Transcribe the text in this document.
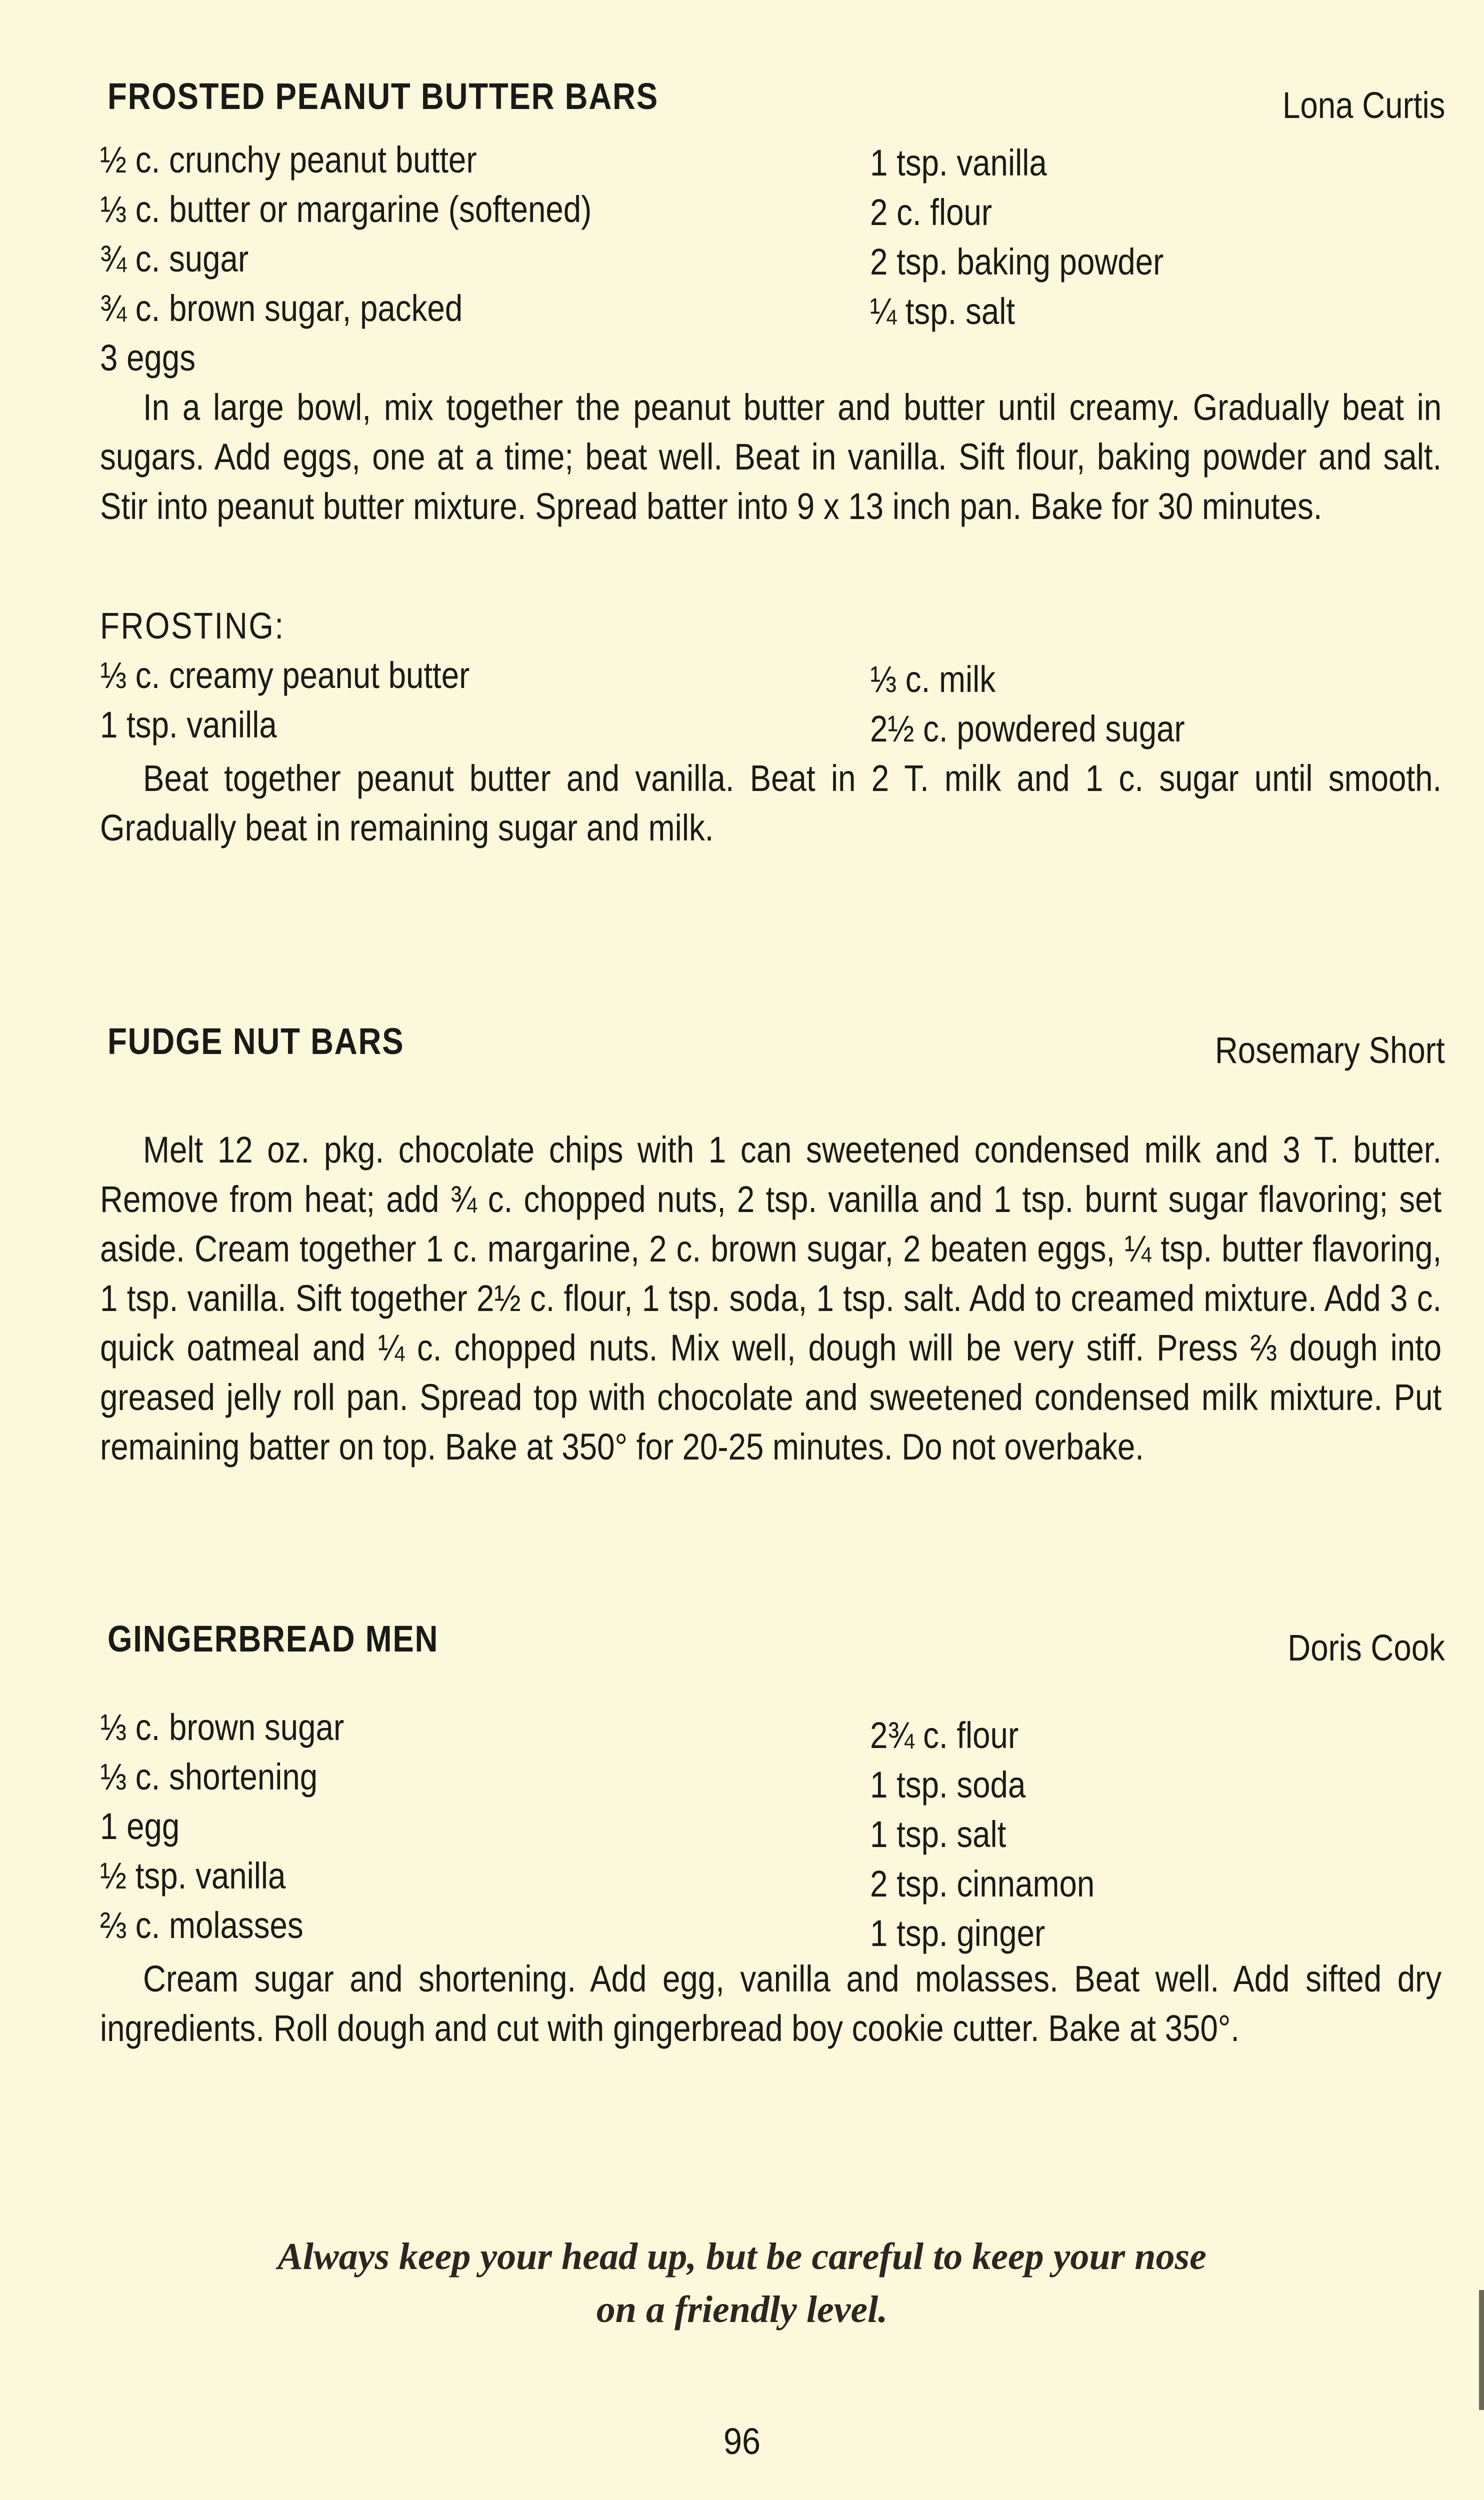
FROSTED PEANUT BUTTER BARS	Lona Curtis
½ c. crunchy peanut butter
⅓ c. butter or margarine (softened)
¾ c. sugar
¾ c. brown sugar, packed
3 eggs
1 tsp. vanilla
2 c. flour
2 tsp. baking powder
¼ tsp. salt

In a large bowl, mix together the peanut butter and butter until creamy. Gradually beat in sugars. Add eggs, one at a time; beat well. Beat in vanilla. Sift flour, baking powder and salt. Stir into peanut butter mixture. Spread batter into 9 x 13 inch pan. Bake for 30 minutes.

FROSTING:
⅓ c. creamy peanut butter
1 tsp. vanilla
⅓ c. milk
2½ c. powdered sugar

Beat together peanut butter and vanilla. Beat in 2 T. milk and 1 c. sugar until smooth. Gradually beat in remaining sugar and milk.

FUDGE NUT BARS	Rosemary Short

Melt 12 oz. pkg. chocolate chips with 1 can sweetened condensed milk and 3 T. butter. Remove from heat; add ¾ c. chopped nuts, 2 tsp. vanilla and 1 tsp. burnt sugar flavoring; set aside. Cream together 1 c. margarine, 2 c. brown sugar, 2 beaten eggs, ¼ tsp. butter flavoring, 1 tsp. vanilla. Sift together 2½ c. flour, 1 tsp. soda, 1 tsp. salt. Add to creamed mixture. Add 3 c. quick oatmeal and ¼ c. chopped nuts. Mix well, dough will be very stiff. Press ⅔ dough into greased jelly roll pan. Spread top with chocolate and sweetened condensed milk mixture. Put remaining batter on top. Bake at 350° for 20-25 minutes. Do not overbake.

GINGERBREAD MEN	Doris Cook
⅓ c. brown sugar
⅓ c. shortening
1 egg
½ tsp. vanilla
⅔ c. molasses
2¾ c. flour
1 tsp. soda
1 tsp. salt
2 tsp. cinnamon
1 tsp. ginger

Cream sugar and shortening. Add egg, vanilla and molasses. Beat well. Add sifted dry ingredients. Roll dough and cut with gingerbread boy cookie cutter. Bake at 350°.

Always keep your head up, but be careful to keep your nose
on a friendly level.
96
